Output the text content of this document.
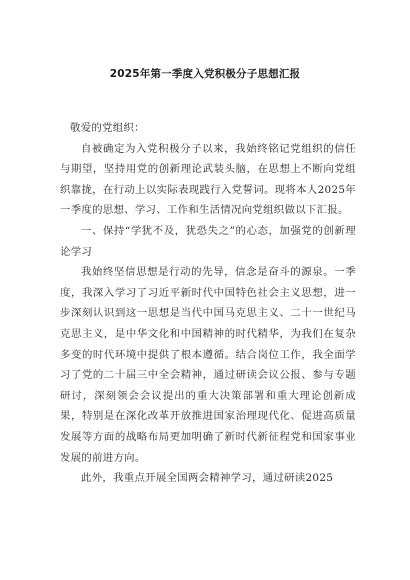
2025年第一季度入党积极分子思想汇报

敬爱的党组织：

自被确定为入党积极分子以来，我始终铭记党组织的信任与期望，坚持用党的创新理论武装头脑，在思想上不断向党组织靠拢，在行动上以实际表现践行入党誓词。现将本人2025年一季度的思想、学习、工作和生活情况向党组织做以下汇报。

一、保持“学犹不及，犹恐失之”的心态，加强党的创新理论学习

我始终坚信思想是行动的先导，信念是奋斗的源泉。一季度，我深入学习了习近平新时代中国特色社会主义思想，进一步深刻认识到这一思想是当代中国马克思主义、二十一世纪马克思主义，是中华文化和中国精神的时代精华，为我们在复杂多变的时代环境中提供了根本遵循。结合岗位工作，我全面学习了党的二十届三中全会精神，通过研读会议公报、参与专题研讨，深刻领会会议提出的重大决策部署和重大理论创新成果，特别是在深化改革开放推进国家治理现代化、促进高质量发展等方面的战略布局更加明确了新时代新征程党和国家事业发展的前进方向。

此外，我重点开展全国两会精神学习，通过研读2025
